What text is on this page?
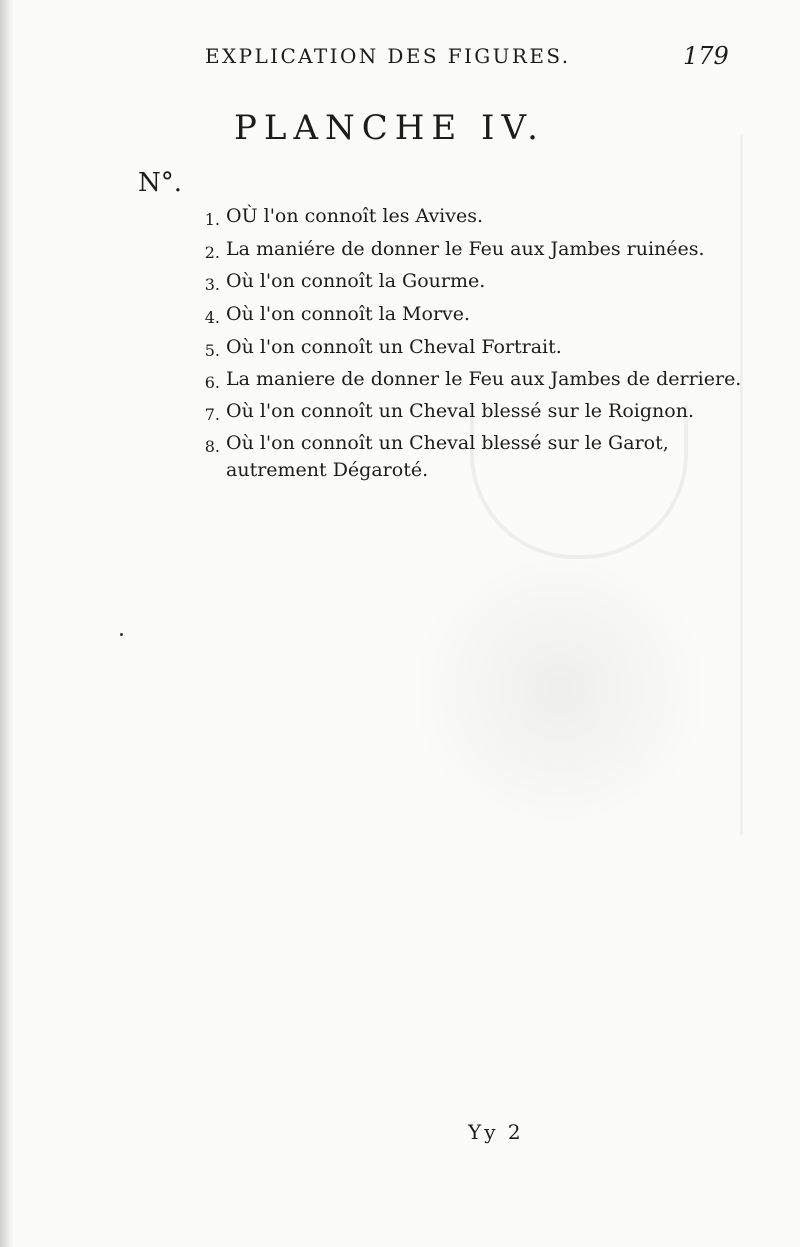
EXPLICATION DES FIGURES.	179
PLANCHE IV.
N°.
1. OÙ l'on connoît les Avives.
2. La maniére de donner le Feu aux Jambes ruinées.
3. Où l'on connoît la Gourme.
4. Où l'on connoît la Morve.
5. Où l'on connoît un Cheval Fortrait.
6. La maniere de donner le Feu aux Jambes de derriere.
7. Où l'on connoît un Cheval blessé sur le Roignon.
8. Où l'on connoît un Cheval blessé sur le Garot, autrement Dégaroté.
Yy 2
